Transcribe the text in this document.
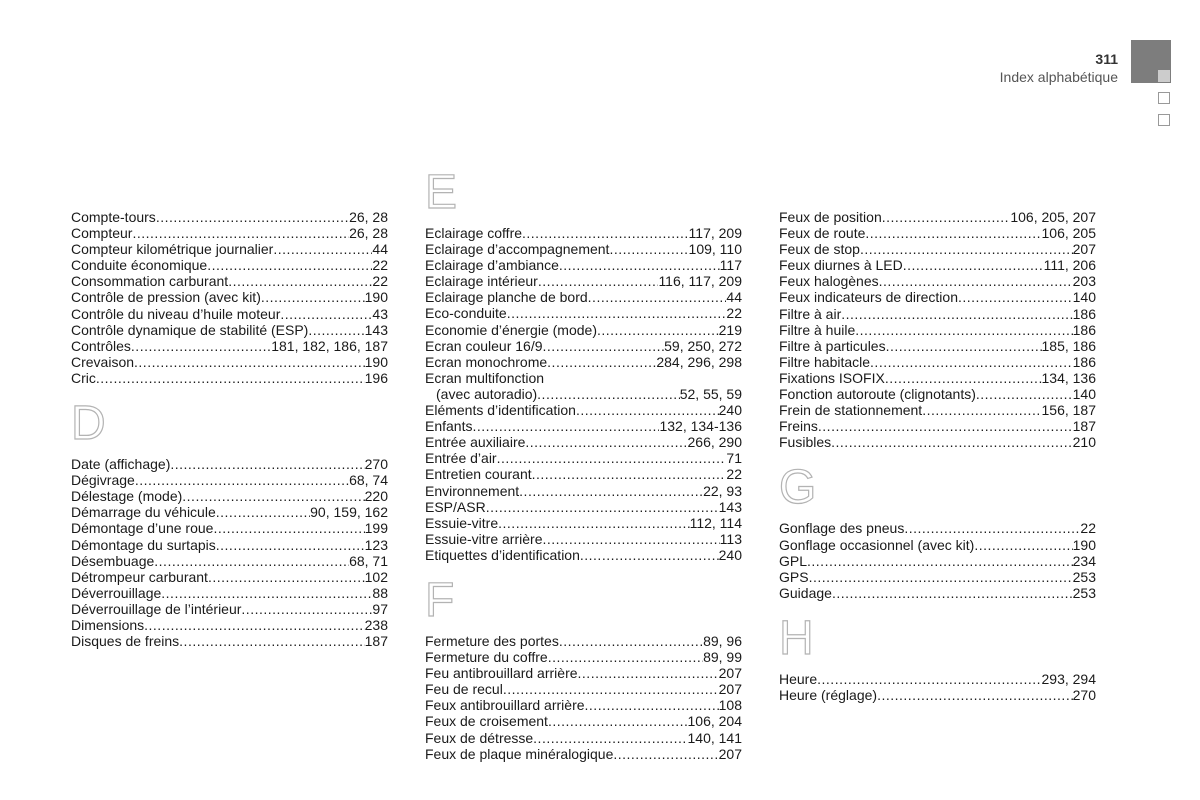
311
Index alphabétique
Compte-tours .....	26, 28
Compteur .....	26, 28
Compteur kilométrique journalier .....	44
Conduite économique .....	22
Consommation carburant .....	22
Contrôle de pression (avec kit) .....	190
Contrôle du niveau d’huile moteur .....	43
Contrôle dynamique de stabilité (ESP) .....	143
Contrôles .....	181, 182, 186, 187
Crevaison .....	190
Cric .....	196
D
Date (affichage) .....	270
Dégivrage .....	68, 74
Délestage (mode) .....	220
Démarrage du véhicule .....	90, 159, 162
Démontage d’une roue .....	199
Démontage du surtapis .....	123
Désembuage .....	68, 71
Détrompeur carburant .....	102
Déverrouillage .....	88
Déverrouillage de l’intérieur .....	97
Dimensions .....	238
Disques de freins .....	187
E
Eclairage coffre .....	117, 209
Eclairage d’accompagnement .....	109, 110
Eclairage d’ambiance .....	117
Eclairage intérieur .....	116, 117, 209
Eclairage planche de bord .....	44
Eco-conduite .....	22
Economie d’énergie (mode) .....	219
Ecran couleur 16/9 .....	59, 250, 272
Ecran monochrome .....	284, 296, 298
Ecran multifonction
(avec autoradio) .....	52, 55, 59
Eléments d’identification .....	240
Enfants .....	132, 134-136
Entrée auxiliaire .....	266, 290
Entrée d’air .....	71
Entretien courant .....	22
Environnement .....	22, 93
ESP/ASR .....	143
Essuie-vitre .....	112, 114
Essuie-vitre arrière .....	113
Etiquettes d’identification .....	240
F
Fermeture des portes .....	89, 96
Fermeture du coffre .....	89, 99
Feu antibrouillard arrière .....	207
Feu de recul .....	207
Feux antibrouillard arrière .....	108
Feux de croisement .....	106, 204
Feux de détresse .....	140, 141
Feux de plaque minéralogique .....	207
Feux de position .....	106, 205, 207
Feux de route .....	106, 205
Feux de stop .....	207
Feux diurnes à LED .....	111, 206
Feux halogènes .....	203
Feux indicateurs de direction .....	140
Filtre à air .....	186
Filtre à huile .....	186
Filtre à particules .....	185, 186
Filtre habitacle .....	186
Fixations ISOFIX .....	134, 136
Fonction autoroute (clignotants) .....	140
Frein de stationnement .....	156, 187
Freins .....	187
Fusibles .....	210
G
Gonflage des pneus .....	22
Gonflage occasionnel (avec kit) .....	190
GPL .....	234
GPS .....	253
Guidage .....	253
H
Heure .....	293, 294
Heure (réglage) .....	270
